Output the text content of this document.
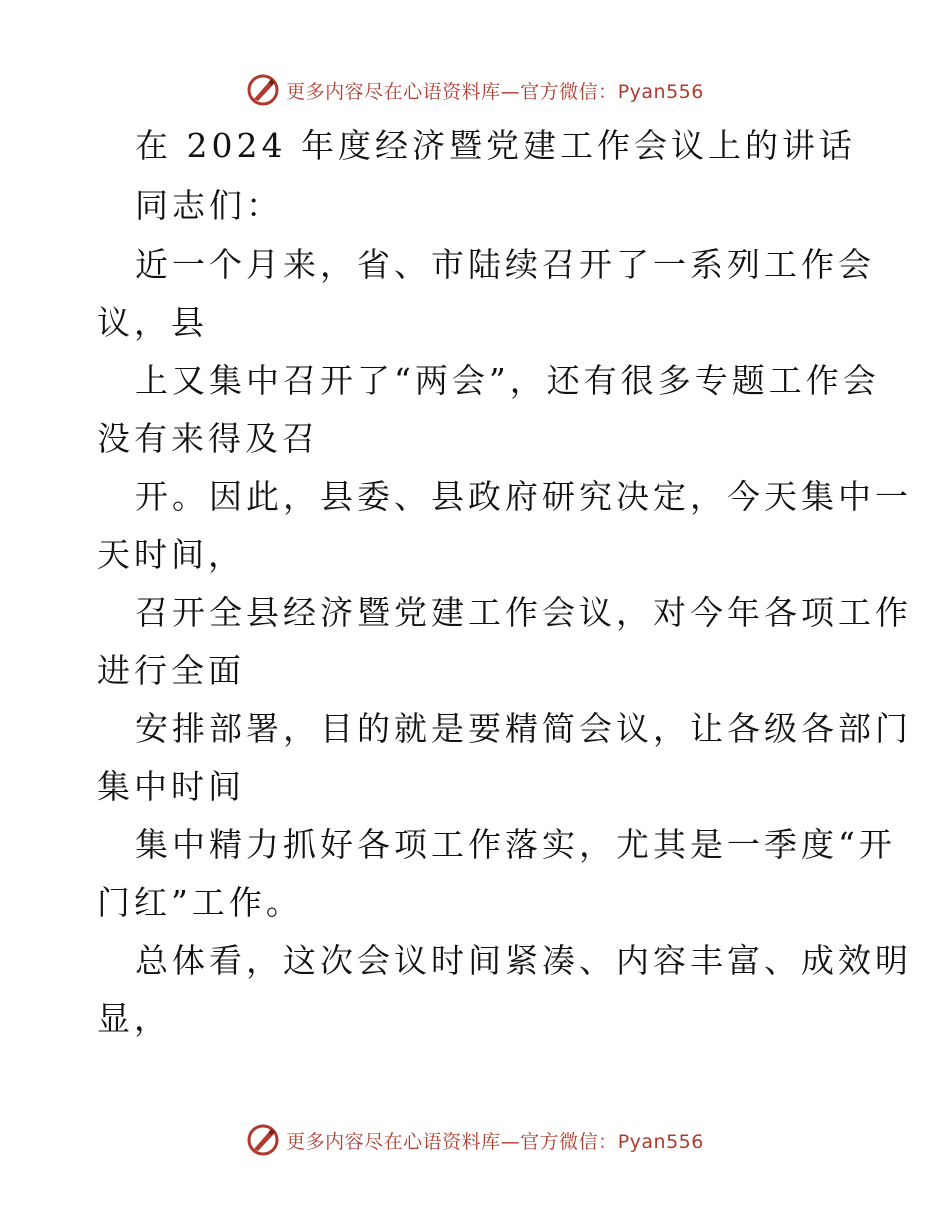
更多内容尽在心语资料库—官方微信：Pyan556
在 2024 年度经济暨党建工作会议上的讲话
同志们：
近一个月来，省、市陆续召开了一系列工作会
议，县
上又集中召开了“两会”，还有很多专题工作会
没有来得及召
开。因此，县委、县政府研究决定，今天集中一
天时间，
召开全县经济暨党建工作会议，对今年各项工作
进行全面
安排部署，目的就是要精简会议，让各级各部门
集中时间
集中精力抓好各项工作落实，尤其是一季度“开
门红”工作。
总体看，这次会议时间紧凑、内容丰富、成效明
显，
更多内容尽在心语资料库—官方微信：Pyan556
